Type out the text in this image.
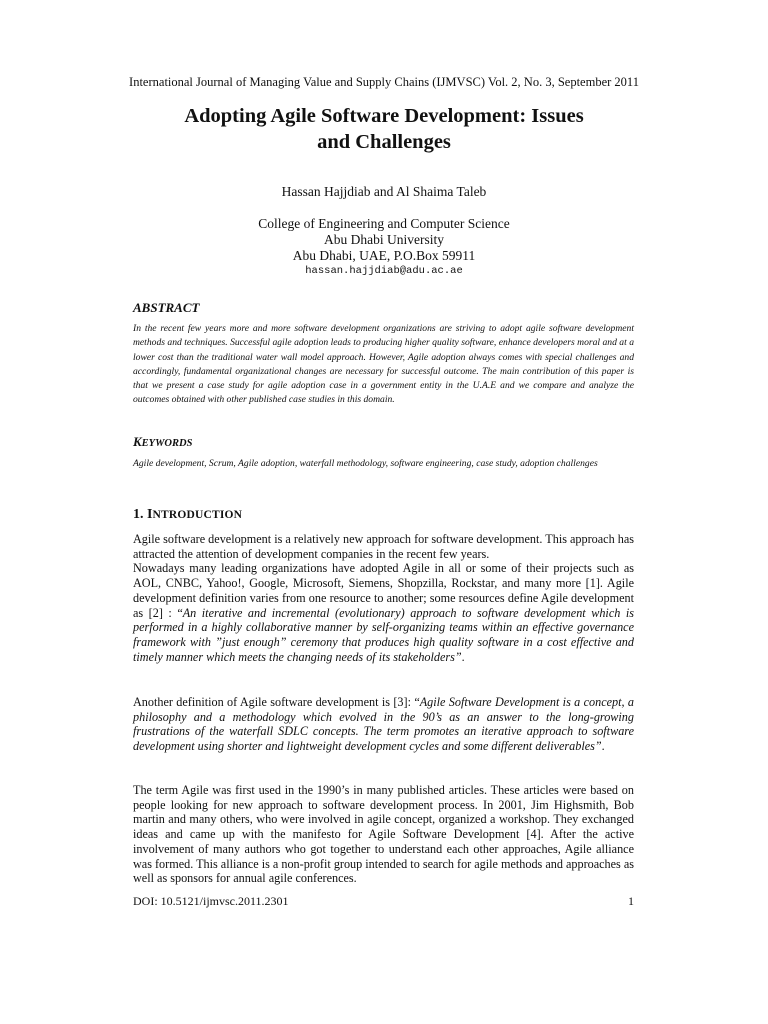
International Journal of Managing Value and Supply Chains (IJMVSC) Vol. 2, No. 3, September 2011
Adopting Agile Software Development: Issues
and Challenges
Hassan Hajjdiab and Al Shaima Taleb
College of Engineering and Computer Science
Abu Dhabi University
Abu Dhabi, UAE, P.O.Box 59911
hassan.hajjdiab@adu.ac.ae
ABSTRACT
In the recent few years more and more software development organizations are striving to adopt agile software development methods and techniques. Successful agile adoption leads to producing higher quality software, enhance developers moral and at a lower cost than the traditional water wall model approach. However, Agile adoption always comes with special challenges and accordingly, fundamental organizational changes are necessary for successful outcome. The main contribution of this paper is that we present a case study for agile adoption case in a government entity in the U.A.E and we compare and analyze the outcomes obtained with other published case studies in this domain.
KEYWORDS
Agile development, Scrum, Agile adoption, waterfall methodology, software engineering, case study, adoption challenges
1. INTRODUCTION
Agile software development is a relatively new approach for software development. This approach has attracted the attention of development companies in the recent few years.
Nowadays many leading organizations have adopted Agile in all or some of their projects such as AOL, CNBC, Yahoo!, Google, Microsoft, Siemens, Shopzilla, Rockstar, and many more [1]. Agile development definition varies from one resource to another; some resources define Agile development as [2] : “An iterative and incremental (evolutionary) approach to software development which is performed in a highly collaborative manner by self-organizing teams within an effective governance framework with ”just enough” ceremony that produces high quality software in a cost effective and timely manner which meets the changing needs of its stakeholders”.
Another definition of Agile software development is [3]: “Agile Software Development is a concept, a philosophy and a methodology which evolved in the 90’s as an answer to the long-growing frustrations of the waterfall SDLC concepts. The term promotes an iterative approach to software development using shorter and lightweight development cycles and some different deliverables”.
The term Agile was first used in the 1990’s in many published articles. These articles were based on people looking for new approach to software development process. In 2001, Jim Highsmith, Bob martin and many others, who were involved in agile concept, organized a workshop. They exchanged ideas and came up with the manifesto for Agile Software Development [4]. After the active involvement of many authors who got together to understand each other approaches, Agile alliance was formed. This alliance is a non-profit group intended to search for agile methods and approaches as well as sponsors for annual agile conferences.
DOI: 10.5121/ijmvsc.2011.2301	1
